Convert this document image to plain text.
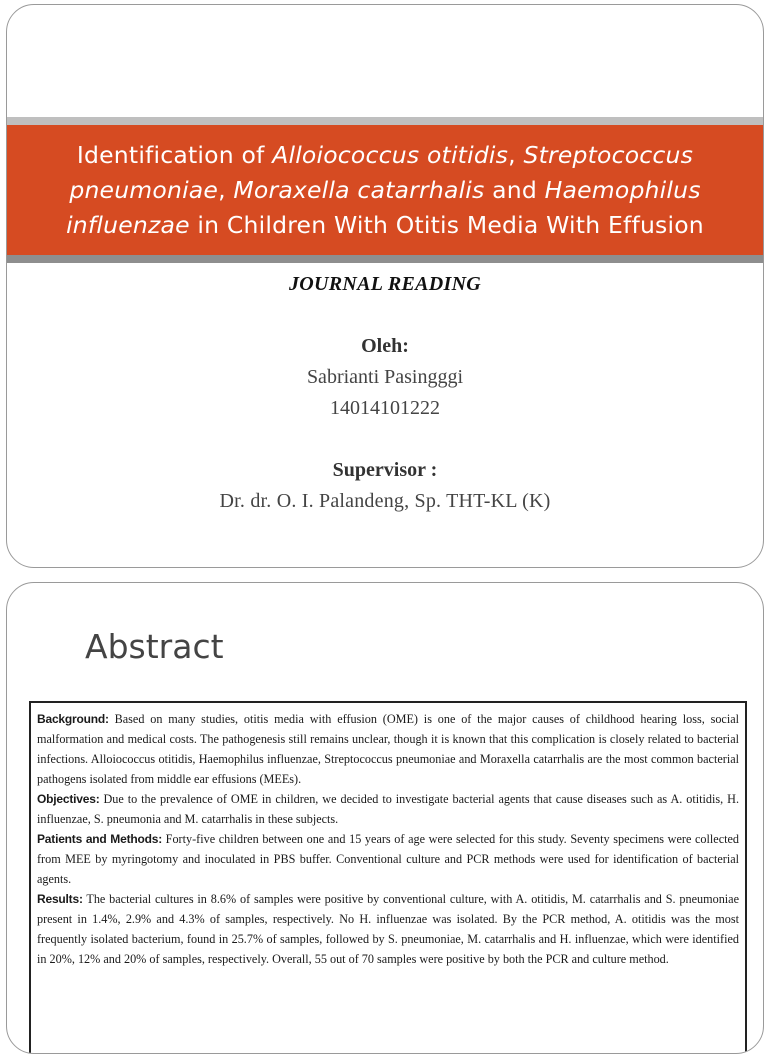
Identification of Alloiococcus otitidis, Streptococcus pneumoniae, Moraxella catarrhalis and Haemophilus influenzae in Children With Otitis Media With Effusion
JOURNAL READING
Oleh:
Sabrianti Pasingggi
14014101222
Supervisor :
Dr. dr. O. I. Palandeng, Sp. THT-KL (K)
Abstract

Background: Based on many studies, otitis media with effusion (OME) is one of the major causes of childhood hearing loss, social malformation and medical costs. The pathogenesis still remains unclear, though it is known that this complication is closely related to bacterial infections. Alloiococcus otitidis, Haemophilus influenzae, Streptococcus pneumoniae and Moraxella catarrhalis are the most common bacterial pathogens isolated from middle ear effusions (MEEs).

Objectives: Due to the prevalence of OME in children, we decided to investigate bacterial agents that cause diseases such as A. otitidis, H. influenzae, S. pneumonia and M. catarrhalis in these subjects.

Patients and Methods: Forty-five children between one and 15 years of age were selected for this study. Seventy specimens were collected from MEE by myringotomy and inoculated in PBS buffer. Conventional culture and PCR methods were used for identification of bacterial agents.

Results: The bacterial cultures in 8.6% of samples were positive by conventional culture, with A. otitidis, M. catarrhalis and S. pneumoniae present in 1.4%, 2.9% and 4.3% of samples, respectively. No H. influenzae was isolated. By the PCR method, A. otitidis was the most frequently isolated bacterium, found in 25.7% of samples, followed by S. pneumoniae, M. catarrhalis and H. influenzae, which were identified in 20%, 12% and 20% of samples, respectively. Overall, 55 out of 70 samples were positive by both the PCR and culture method.
